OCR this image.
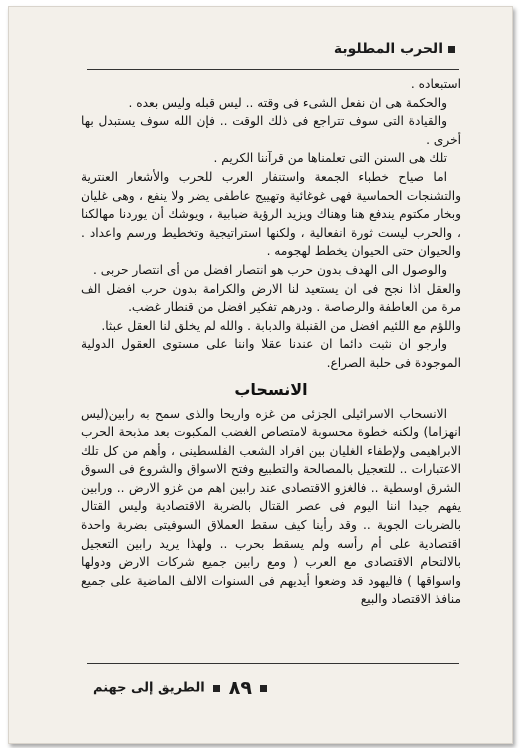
الحرب المطلوبة

استبعاده .

والحكمة هى ان نفعل الشىء فى وقته .. ليس قبله وليس بعده .

والقيادة التى سوف تتراجع فى ذلك الوقت .. فإن الله سوف يستبدل بها أخرى .

تلك هى السنن التى تعلمناها من قرآننا الكريم .

اما صياح خطباء الجمعة واستنفار العرب للحرب والأشعار العنترية والتشنجات الحماسية فهى غوغائية وتهييج عاطفى يضر ولا ينفع ، وهى غليان وبخار مكتوم يندفع هنا وهناك ويزيد الرؤية ضبابية ، ويوشك أن يوردنا مهالكنا ، والحرب ليست ثورة انفعالية ، ولكنها استراتيجية وتخطيط ورسم واعداد . والحيوان حتى الحيوان يخطط لهجومه .

والوصول الى الهدف بدون حرب هو انتصار افضل من أى انتصار حربى .

والعقل اذا نجح فى ان يستعيد لنا الارض والكرامة بدون حرب افضل الف مرة من العاطفة والرصاصة . ودرهم تفكير افضل من قنطار غضب.

واللؤم مع اللئيم افضل من القنبلة والدبابة . والله لم يخلق لنا العقل عبثا.

وارجو ان نثبت دائما ان عندنا عقلا واننا على مستوى العقول الدولية الموجودة فى حلبة الصراع.

الانسحاب

الانسحاب الاسرائيلى الجزئى من غزه واريحا والذى سمح به رابين(ليس انهزاما) ولكنه خطوة محسوبة لامتصاص الغضب المكبوت بعد مذبحة الحرب الابراهيمى ولإطفاء الغليان بين افراد الشعب الفلسطينى ، وأهم من كل تلك الاعتبارات .. للتعجيل بالمصالحة والتطبيع وفتح الاسواق والشروع فى السوق الشرق اوسطية .. فالغزو الاقتصادى عند رابين اهم من غزو الارض .. ورابين يفهم جيدا اننا اليوم فى عصر القتال بالضربة الاقتصادية وليس القتال بالضربات الجوية .. وقد رأينا كيف سقط العملاق السوفيتى بضربة واحدة اقتصادية على أم رأسه ولم يسقط بحرب .. ولهذا يريد رابين التعجيل بالالتحام الاقتصادى مع العرب ( ومع رابين جميع شركات الارض ودولها واسواقها ) فاليهود قد وضعوا أيديهم فى السنوات الالف الماضية على جميع منافذ الاقتصاد والبيع

٨٩  الطريق إلى جهنم
